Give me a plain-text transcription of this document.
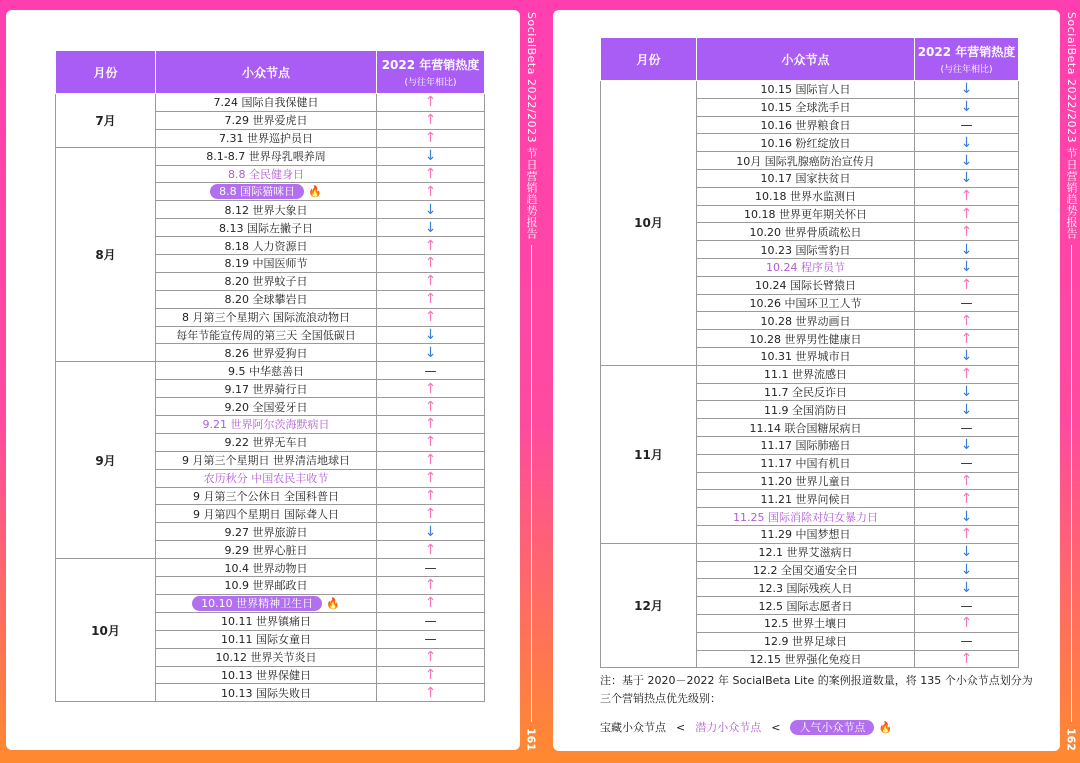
月份	小众节点	2022 年营销热度
(与往年相比)

7月	7.24 国际自我保健日	↑
	7.29 世界爱虎日	↑
	7.31 世界巡护员日	↑
8月	8.1-8.7 世界母乳喂养周	↓
	8.8 全民健身日	↑
	8.8 国际猫咪日 🔥	↑
	8.12 世界大象日	↓
	8.13 国际左撇子日	↓
	8.18 人力资源日	↑
	8.19 中国医师节	↑
	8.20 世界蚊子日	↑
	8.20 全球攀岩日	↑
	8 月第三个星期六 国际流浪动物日	↑
	每年节能宣传周的第三天 全国低碳日	↓
	8.26 世界爱狗日	↓
9月	9.5 中华慈善日	—
	9.17 世界骑行日	↑
	9.20 全国爱牙日	↑
	9.21 世界阿尔茨海默病日	↑
	9.22 世界无车日	↑
	9 月第三个星期日 世界清洁地球日	↑
	农历秋分 中国农民丰收节	↑
	9 月第三个公休日 全国科普日	↑
	9 月第四个星期日 国际聋人日	↑
	9.27 世界旅游日	↓
	9.29 世界心脏日	↑
10月	10.4 世界动物日	—
	10.9 世界邮政日	↑
	10.10 世界精神卫生日 🔥	↑
	10.11 世界镇痛日	—
	10.11 国际女童日	—
	10.12 世界关节炎日	↑
	10.13 世界保健日	↑
	10.13 国际失败日	↑
SocialBeta 2022/2023 节日营销趋势报告
161
月份	小众节点	2022 年营销热度
(与往年相比)

10月	10.15 国际盲人日	↓
	10.15 全球洗手日	↓
	10.16 世界粮食日	—
	10.16 粉红绽放日	↓
	10月 国际乳腺癌防治宣传月	↓
	10.17 国家扶贫日	↓
	10.18 世界水监测日	↑
	10.18 世界更年期关怀日	↑
	10.20 世界骨质疏松日	↑
	10.23 国际雪豹日	↓
	10.24 程序员节	↓
	10.24 国际长臂猿日	↑
	10.26 中国环卫工人节	—
	10.28 世界动画日	↑
	10.28 世界男性健康日	↑
	10.31 世界城市日	↓
11月	11.1 世界流感日	↑
	11.7 全民反诈日	↓
	11.9 全国消防日	↓
	11.14 联合国糖尿病日	—
	11.17 国际肺癌日	↓
	11.17 中国有机日	—
	11.20 世界儿童日	↑
	11.21 世界问候日	↑
	11.25 国际消除对妇女暴力日	↓
	11.29 中国梦想日	↑
12月	12.1 世界艾滋病日	↓
	12.2 全国交通安全日	↓
	12.3 国际残疾人日	↓
	12.5 国际志愿者日	—
	12.5 世界土壤日	↑
	12.9 世界足球日	—
	12.15 世界强化免疫日	↑
注：基于 2020－2022 年 SocialBeta Lite 的案例报道数量，将 135 个小众节点划分为三个营销热点优先级别：
宝藏小众节点 < 潜力小众节点 <	人气小众节点	🔥
SocialBeta 2022/2023 节日营销趋势报告
162
